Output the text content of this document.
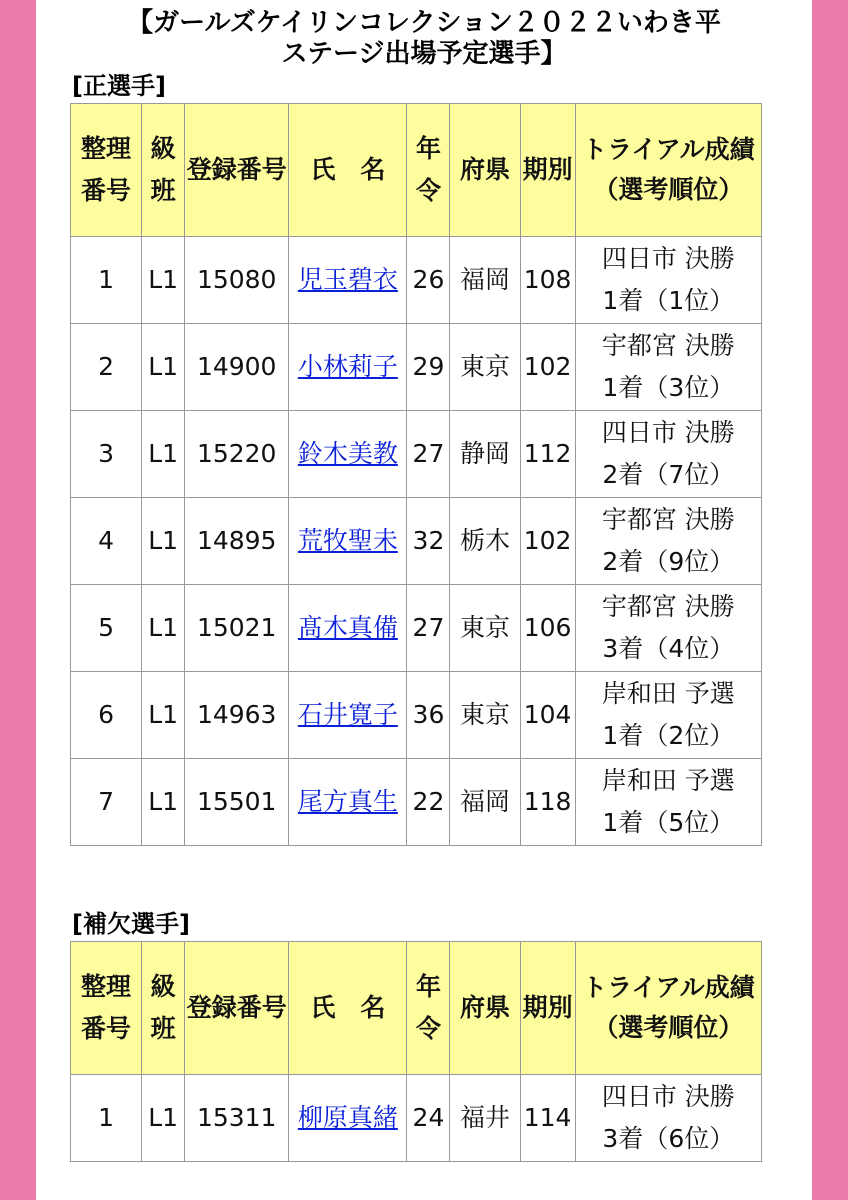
【ガールズケイリンコレクション２０２２いわき平
ステージ出場予定選手】
[正選手]
整理番号	級班	登録番号	氏　名	年令	府県	期別	トライアル成績（選考順位）

1	L1	15080	児玉碧衣	26	福岡	108	四日市 決勝
1着（1位）

2	L1	14900	小林莉子	29	東京	102	宇都宮 決勝
1着（3位）

3	L1	15220	鈴木美教	27	静岡	112	四日市 決勝
2着（7位）

4	L1	14895	荒牧聖未	32	栃木	102	宇都宮 決勝
2着（9位）

5	L1	15021	髙木真備	27	東京	106	宇都宮 決勝
3着（4位）

6	L1	14963	石井寛子	36	東京	104	岸和田 予選
1着（2位）

7	L1	15501	尾方真生	22	福岡	118	岸和田 予選
1着（5位）
[補欠選手]
整理番号	級班	登録番号	氏　名	年令	府県	期別	トライアル成績（選考順位）

1	L1	15311	柳原真緒	24	福井	114	四日市 決勝
3着（6位）
